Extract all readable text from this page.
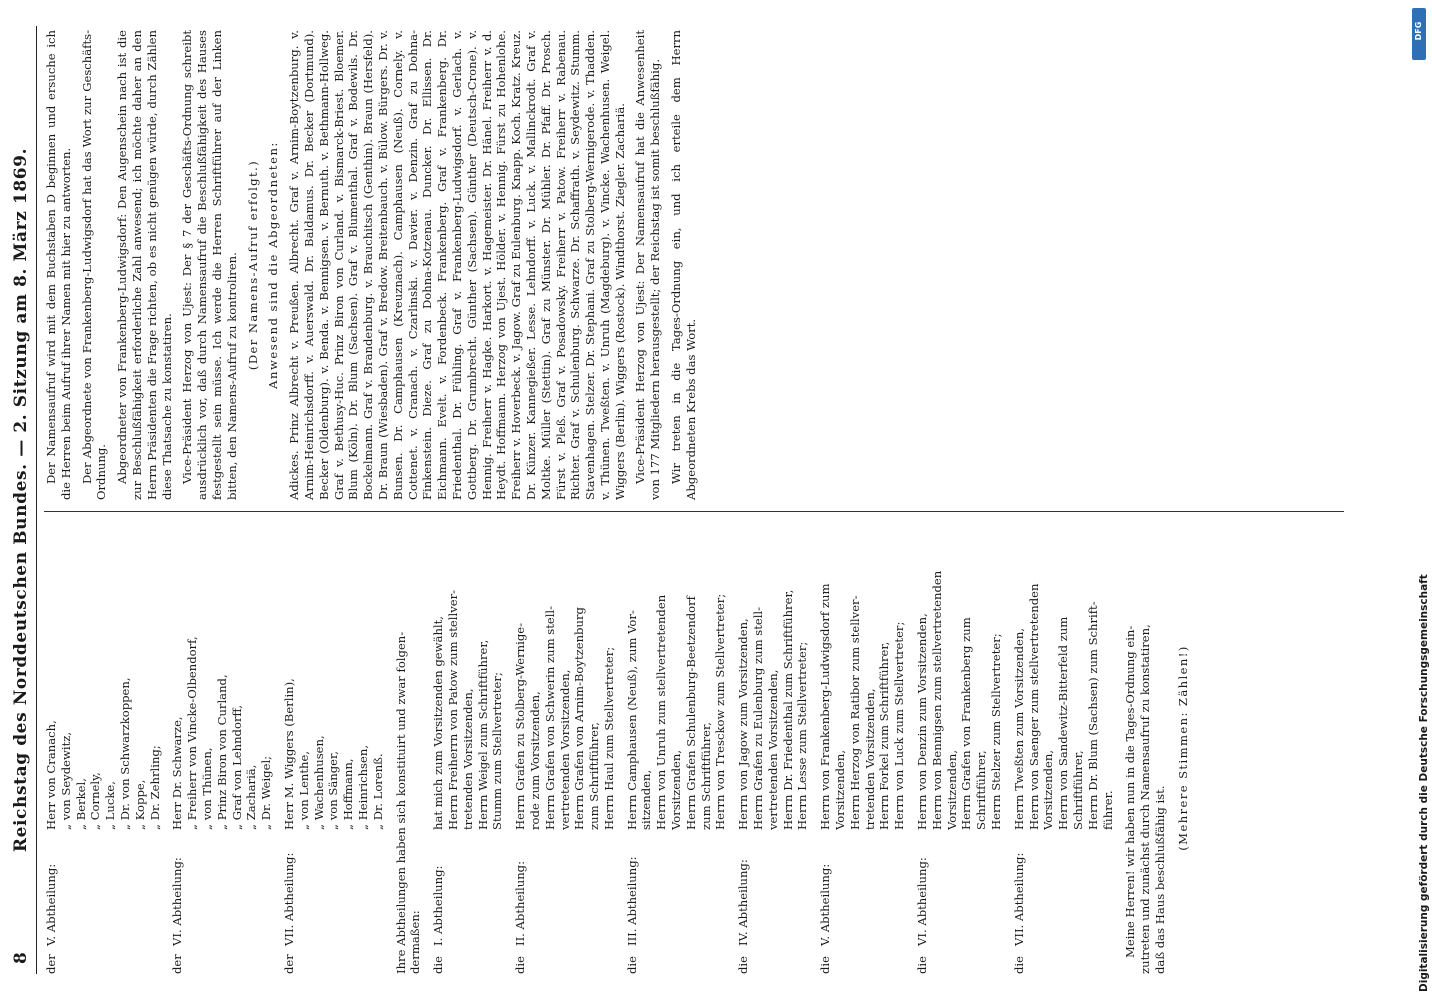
8
Reichstag des Norddeutschen Bundes. — 2. Sitzung am 8. März 1869.
der
V. Abtheilung:
Herr von Cranach, „ von Seydewitz, „ Berkel, „ Cornely, „ Lucke, „ Dr. von Schwarzkoppen, „ Koppe, „ Dr. Zehrling;
der
VI. Abtheilung:
Herr Dr. Schwarze, „ Freiherr von Vincke-Olbendorf, „ von Thünen, „ Prinz Biron von Curland, „ Graf von Lehndorff, „ Zachariä, „ Dr. Weigel;
der
VII. Abtheilung:
Herr M. Wiggers (Berlin), „ von Lenthe, „ Wachenhusen, „ von Sänger, „ Hoffmann, „ Heinrichsen, „ Dr. Lorenß. Ihre Abtheilungen haben sich konstituirt und zwar folgen- dermaßen: die
I. Abtheilung:
hat mich zum Vorsitzenden gewählt, Herrn Freiherrn von Patow zum stellver- tretenden Vorsitzenden, Herrn Weigel zum Schriftführer, Stumm zum Stellvertreter;
die
II. Abtheilung:
Herrn Grafen zu Stolberg-Wernige- rode zum Vorsitzenden, Herrn Grafen von Schwerin zum stell- vertretenden Vorsitzenden, Herrn Grafen von Arnim-Boytzenburg zum Schriftführer, Herrn Haul zum Stellvertreter;
die
III. Abtheilung:
Herrn Camphausen (Neuß), zum Vor- sitzenden, Herrn von Unruh zum stellvertretenden Vorsitzenden, Herrn Grafen Schulenburg-Beetzendorf zum Schriftführer, Herrn von Tresckow zum Stellvertreter;
die
IV. Abtheilung:
Herrn von Jagow zum Vorsitzenden, Herrn Grafen zu Eulenburg zum stell- vertretenden Vorsitzenden, Herrn Dr. Friedenthal zum Schriftführer, Herrn Lesse zum Stellvertreter;
die
V. Abtheilung:
Herrn von Frankenberg-Ludwigsdorf zum Vorsitzenden, Herrn Herzog von Ratibor zum stellver- tretenden Vorsitzenden, Herrn Forkel zum Schriftführer, Herrn von Luck zum Stellvertreter;
die
VI. Abtheilung:
Herrn von Denzin zum Vorsitzenden, Herrn von Bennigsen zum stellvertretenden Vorsitzenden, Herrn Grafen von Frankenberg zum Schriftführer, Herrn Stelzer zum Stellvertreter;
die
VII. Abtheilung:
Herrn Tweßten zum Vorsitzenden, Herrn von Saenger zum stellvertretenden Vorsitzenden, Herrn von Sandewitz-Bitterfeld zum Schriftführer, Herrn Dr. Blum (Sachsen) zum Schrift- führer. Meine Herren! wir haben nun in die Tages-Ordnung ein- zutreten und zunächst durch Namensaufruf zu konstatiren, daß das Haus beschlußfähig ist.
(Mehrere Stimmen: Zählen!)

Der Namensaufruf wird mit dem Buchstaben D beginnen und ersuche ich die Herren beim Aufruf ihrer Namen mit hier zu antworten. Der Abgeordnete von Frankenberg-Ludwigsdorf hat das Wort zur Geschäfts-Ordnung. Abgeordneter von Frankenberg-Ludwigsdorf: Den Augenschein nach ist die zur Beschlußfähigkeit erforderliche Zahl anwesend; ich möchte daher an den Herrn Präsidenten die Frage richten, ob es nicht genügen würde, durch Zählen diese Thatsache zu konstatiren. Vice-Präsident Herzog von Ujest: Der § 7 der Geschäfts-Ordnung schreibt ausdrücklich vor, daß durch Namensaufruf die Beschlußfähigkeit des Hauses festgestellt sein müsse. Ich werde die Herren Schriftführer auf der Linken bitten, den Namens-Aufruf zu kontroliren. (Der Namens-Aufruf erfolgt.) Anwesend sind die Abgeordneten: Adickes. Prinz Albrecht v. Preußen. Albrecht. Graf v. Arnim-Boytzenburg. v. Arnim-Heinrichsdorff. v. Auerswald. Dr. Baldamus. Dr. Becker (Dortmund). Becker (Oldenburg). v. Benda. v. Bennigsen. v. Bernuth. v. Bethmann-Hollweg. Graf v. Bethusy-Huc. Prinz Biron von Curland. v. Bismarck-Briest. Bloemer. Blum (Köln). Dr. Blum (Sachsen). Graf v. Blumenthal. Graf v. Bodewils. Dr. Bockelmann. Graf v. Brandenburg. v. Brauchitsch (Genthin). Braun (Hersfeld). Dr. Braun (Wiesbaden). Graf v. Bredow. Breitenbauch. v. Bülow. Bürgers. Dr. v. Bunsen. Dr. Camphausen (Kreuznach). Camphausen (Neuß). Cornely. v. Cottenet. v. Cranach. v. Czarlinski. v. Davier. v. Denzin. Graf zu Dohna-Finkenstein. Dieze. Graf zu Dohna-Kotzenau. Duncker. Dr. Ellissen. Dr. Eichmann. Evelt. v. Fordenbeck. Frankenberg. Graf v. Frankenberg. Dr. Friedenthal. Dr. Fühling. Graf v. Frankenberg-Ludwigsdorf. v. Gerlach. v. Gottberg. Dr. Grumbrecht. Günther (Sachsen). Günther (Deutsch-Crone). v. Hennig. Freiherr v. Hagke. Harkort. v. Hagemeister. Dr. Hänel. Freiherr v. d. Heydt. Hoffmann. Herzog von Ujest. Hölder. v. Hennig. Fürst zu Hohenlohe. Freiherr v. Hoverbeck. v. Jagow. Graf zu Eulenburg. Knapp. Koch. Kratz. Kreuz. Dr. Künzer. Kannegießer. Lesse. Lehndorff. v. Luck. v. Mallinckrodt. Graf v. Moltke. Müller (Stettin). Graf zu Münster. Dr. Mühler. Dr. Pfaff. Dr. Prosch. Fürst v. Pleß. Graf v. Posadowsky. Freiherr v. Patow. Freiherr v. Rabenau. Richter. Graf v. Schulenburg. Schwarze. Dr. Schaffrath. v. Seydewitz. Stumm. Stavenhagen. Stelzer. Dr. Stephani. Graf zu Stolberg-Wernigerode. v. Thadden. v. Thünen. Tweßten. v. Unruh (Magdeburg). v. Vincke. Wachenhusen. Weigel. Wiggers (Berlin). Wiggers (Rostock). Windthorst. Ziegler. Zachariä. Vice-Präsident Herzog von Ujest: Der Namensaufruf hat die Anwesenheit von 177 Mitgliedern herausgestellt; der Reichstag ist somit beschlußfähig. Wir treten in die Tages-Ordnung ein, und ich erteile dem Herrn Abgeordneten Krebs das Wort.

Digitalisierung gefördert durch die Deutsche Forschungsgemeinschaft
DFG
